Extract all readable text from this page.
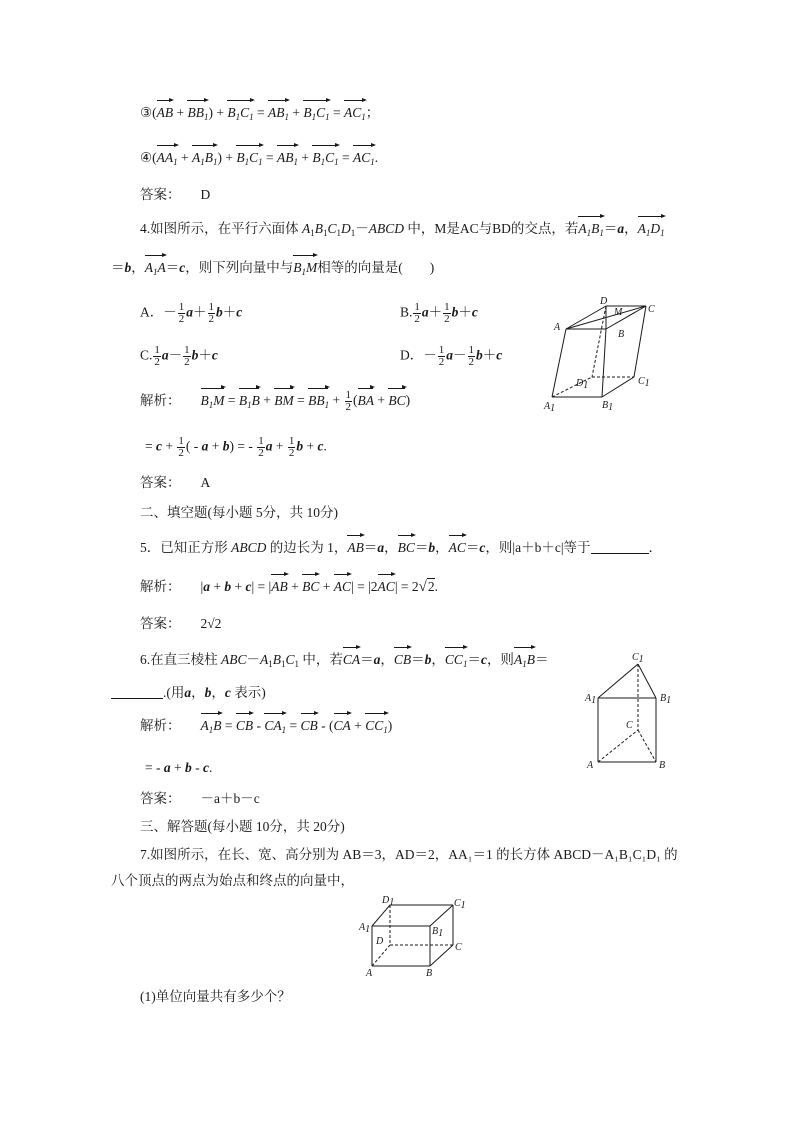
③(AB + $BB_1) + B_1C_1 = AB_1 + B_1C_1 = AC_1$；
$④(AA_1 + A_1B_1) + B_1C_1 = AB_1 + B_1C_1 = AC_1$.
答案： D
4.如图所示，在平行六面体 $A_1B_1C_1D_1-ABCD$ 中，M是AC与BD的交点，若$A_1B_1=a$，$A_1D_1$
＝b，$A_1A=c$，则下列向量中与$B_1M$相等的向量是(　　)
A．－ $\frac{1}{2} a+ \frac{1}{2} b+c$	B. $\frac{1}{2} a+ \frac{1}{2} b+c$
C. $\frac{1}{2} a- \frac{1}{2} b+c$	D．－ $\frac{1}{2} a- \frac{1}{2} b+c$
解析： $B_1M = B_1B$ + BM = $BB_1 + \frac{1}{2} (BA + BC)$
= $c + \frac{1}{2}$ ( - a + b) = - $\frac{1}{2}$ $a + \frac{1}{2}$ b + c.
答案： A
D
C
M
A
B
D1	C1
A1	B1
二、填空题(每小题 5分，共 10分)
5．已知正方形 ABCD 的边长为 1，AB＝a，BC＝b，AC＝c，则|a＋b＋c|等于	．
解析： |a + b + c| = |AB + BC + AC| = |2AC| = 2√2.
答案： 2√2
6.在直三棱柱 $ABC-A_1B_1C_1$ 中，若CA＝a，CB＝b，$CC_1=c$，则$A_1B=$
.(用a，b，c 表示)
解析： $A_1B$ = CB - $CA_1$ = CB - $(CA + CC_1)$
= - a + b - c.
答案： －a＋b－c
C1
A1	B1
C
A	B
三、解答题(每小题 10分，共 20分)
7.如图所示，在长、宽、高分别为 AB＝3，AD＝2，AA₁＝1 的长方体 ABCD－A₁B₁C₁D₁ 的
八个顶点的两点为始点和终点的向量中，
D1	C1
A1	B1
D
C
A	B
(1)单位向量共有多少个？
